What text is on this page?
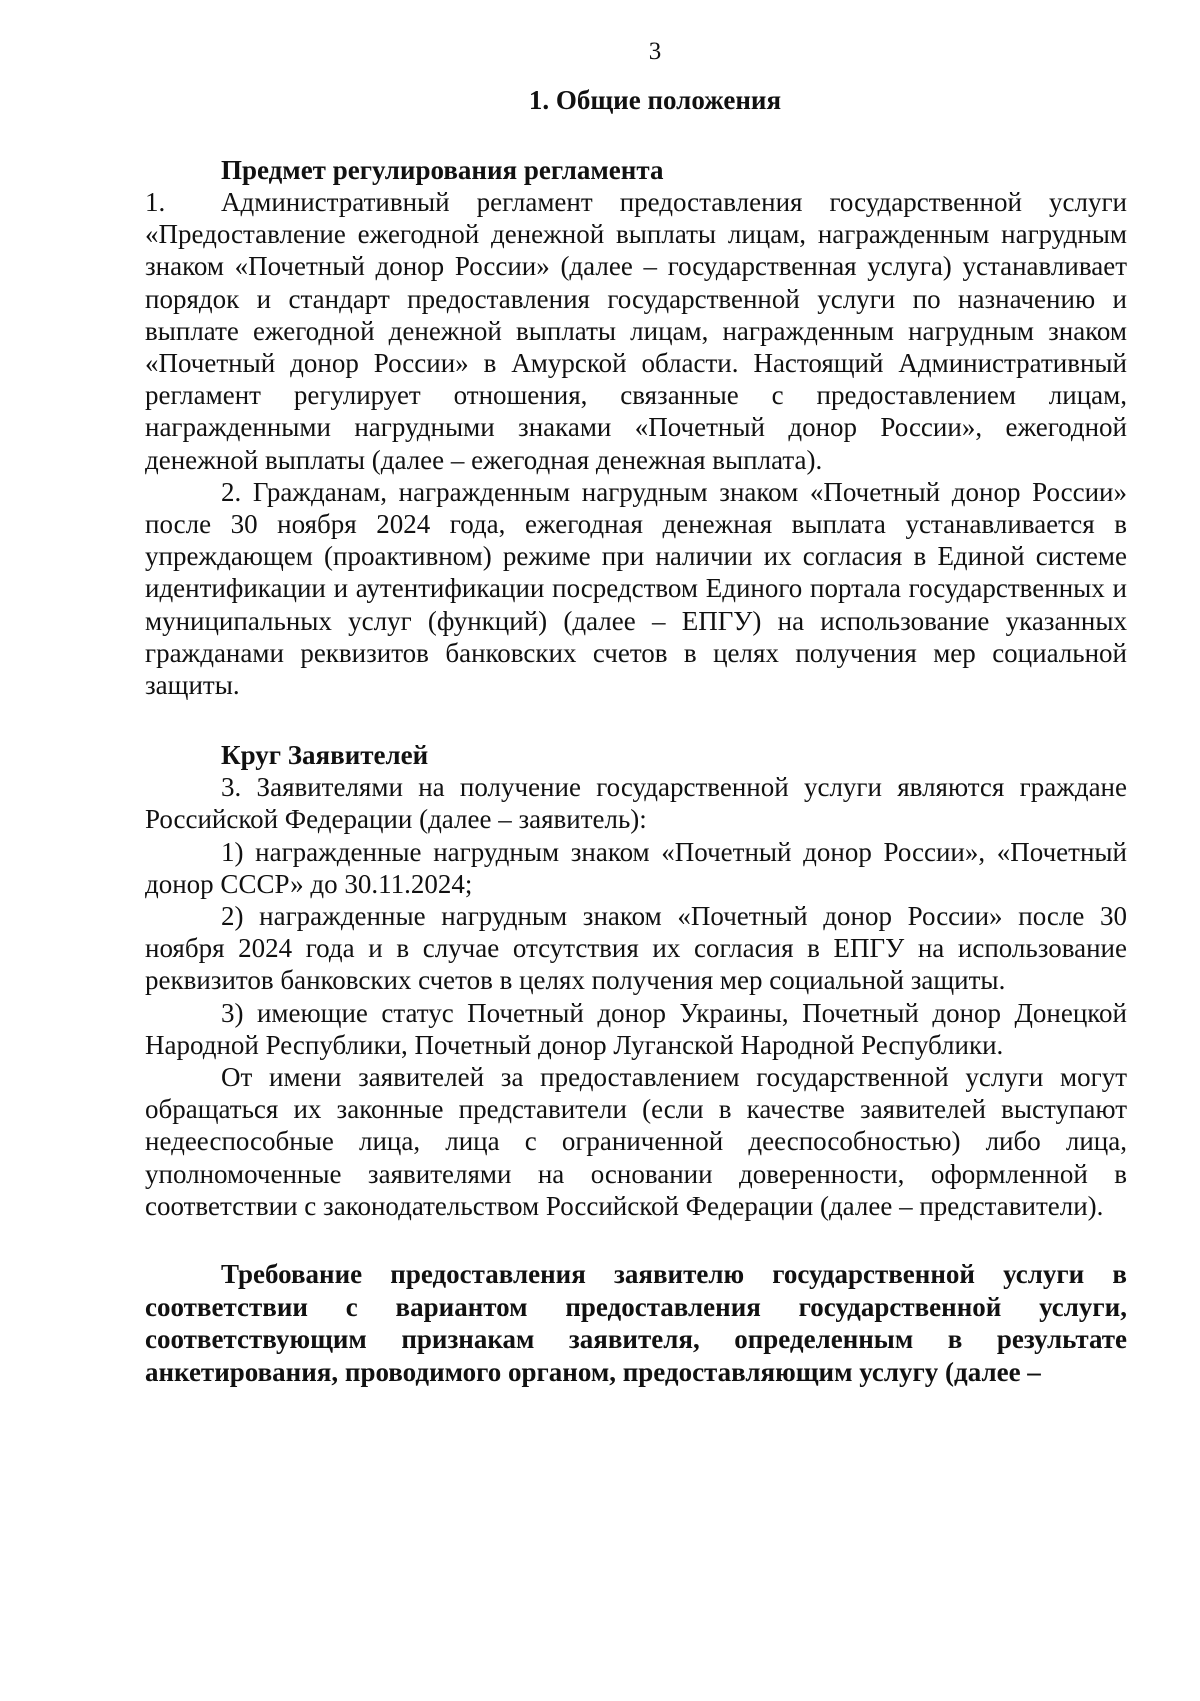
3
1. Общие положения
Предмет регулирования регламента

1. Административный регламент предоставления государственной услуги «Предоставление ежегодной денежной выплаты лицам, награжденным нагрудным знаком «Почетный донор России» (далее – государственная услуга) устанавливает порядок и стандарт предоставления государственной услуги по назначению и выплате ежегодной денежной выплаты лицам, награжденным нагрудным знаком «Почетный донор России» в Амурской области. Настоящий Административный регламент регулирует отношения, связанные с предоставлением лицам, награжденными нагрудными знаками «Почетный донор России», ежегодной денежной выплаты (далее – ежегодная денежная выплата).

2. Гражданам, награжденным нагрудным знаком «Почетный донор России» после 30 ноября 2024 года, ежегодная денежная выплата устанавливается в упреждающем (проактивном) режиме при наличии их согласия в Единой системе идентификации и аутентификации посредством Единого портала государственных и муниципальных услуг (функций) (далее – ЕПГУ) на использование указанных гражданами реквизитов банковских счетов в целях получения мер социальной защиты.

Круг Заявителей

3. Заявителями на получение государственной услуги являются граждане Российской Федерации (далее – заявитель):

1) награжденные нагрудным знаком «Почетный донор России», «Почетный донор СССР» до 30.11.2024;

2) награжденные нагрудным знаком «Почетный донор России» после 30 ноября 2024 года и в случае отсутствия их согласия в ЕПГУ на использование реквизитов банковских счетов в целях получения мер социальной защиты.

3) имеющие статус Почетный донор Украины, Почетный донор Донецкой Народной Республики, Почетный донор Луганской Народной Республики.

От имени заявителей за предоставлением государственной услуги могут обращаться их законные представители (если в качестве заявителей выступают недееспособные лица, лица с ограниченной дееспособностью) либо лица, уполномоченные заявителями на основании доверенности, оформленной в соответствии с законодательством Российской Федерации (далее – представители).

Требование предоставления заявителю государственной услуги в соответствии с вариантом предоставления государственной услуги, соответствующим признакам заявителя, определенным в результате анкетирования, проводимого органом, предоставляющим услугу (далее –
